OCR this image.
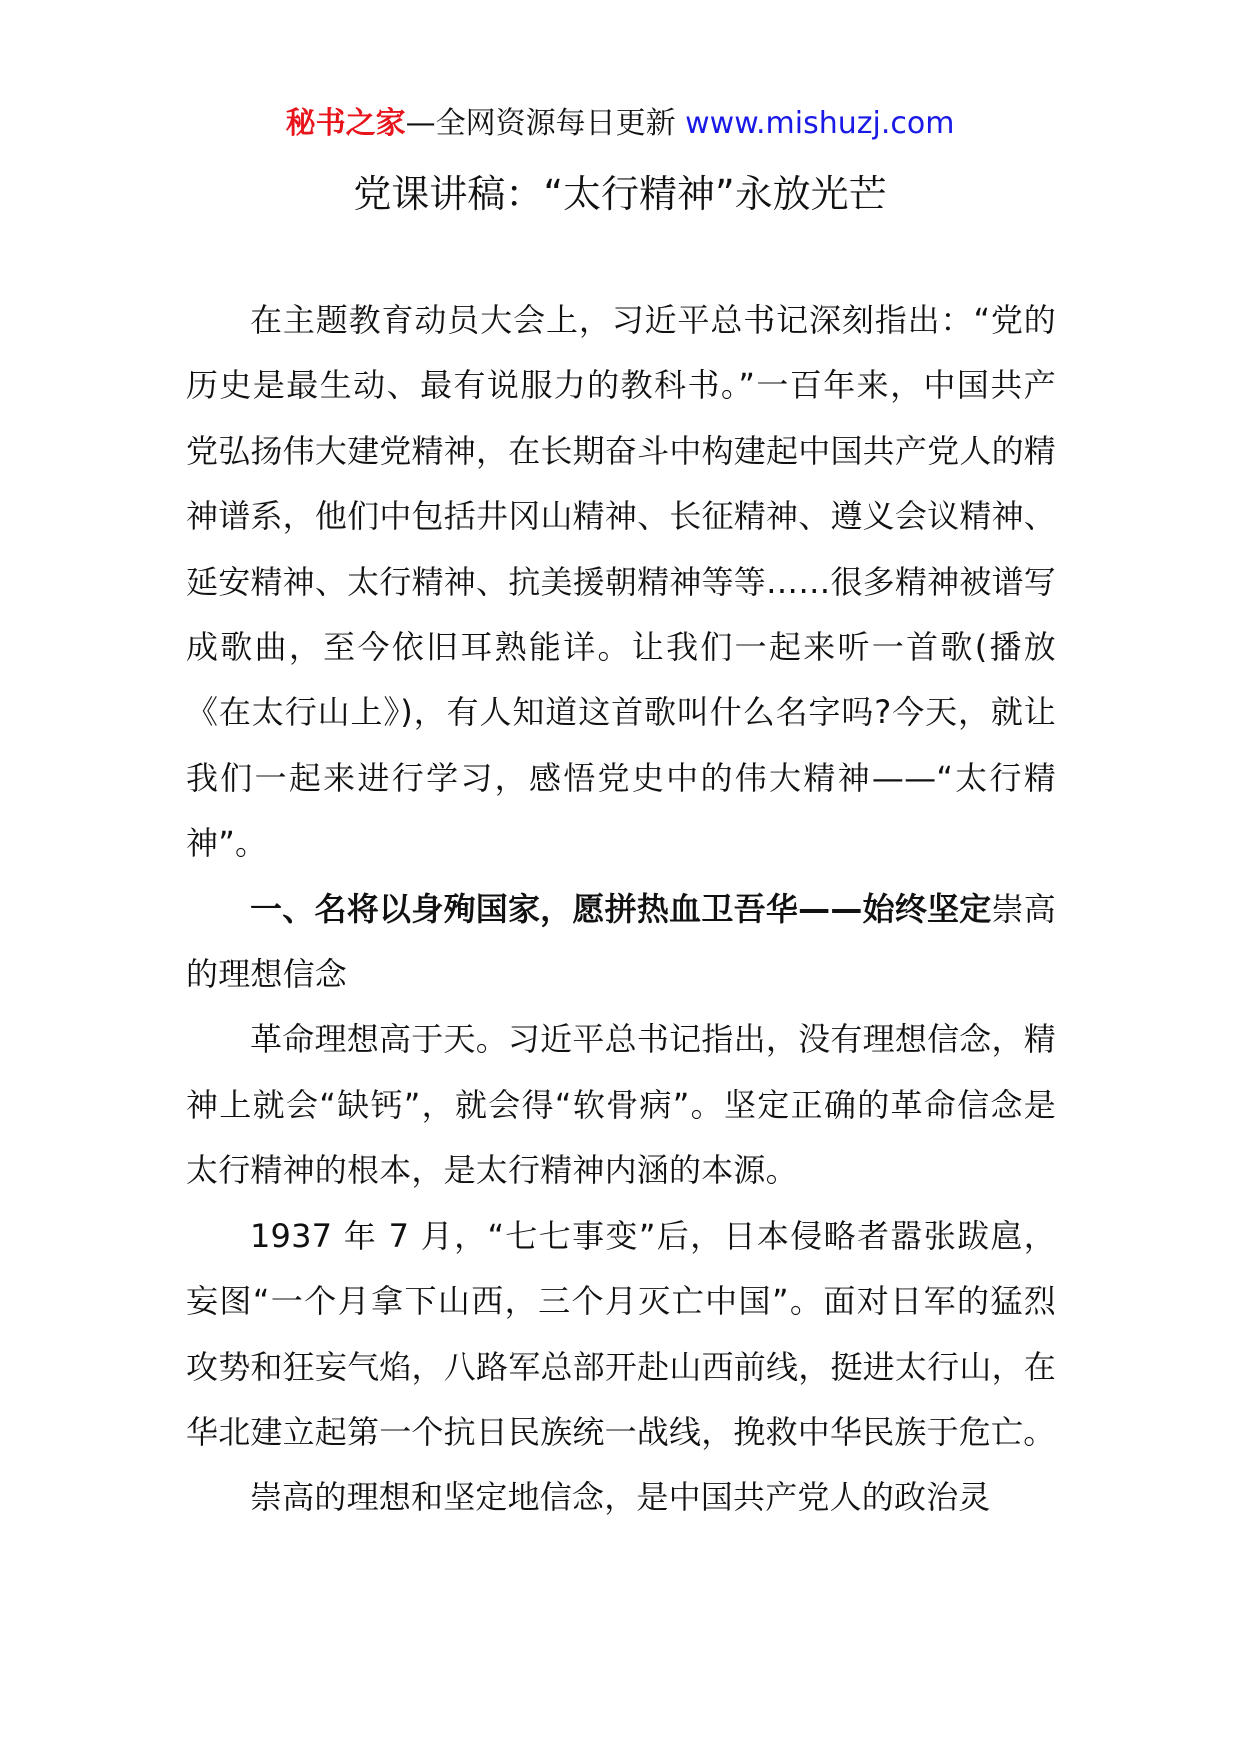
秘书之家—全网资源每日更新 www.mishuzj.com
党课讲稿：“太行精神”永放光芒

在主题教育动员大会上，习近平总书记深刻指出：“党的历史是最生动、最有说服力的教科书。”一百年来，中国共产党弘扬伟大建党精神，在长期奋斗中构建起中国共产党人的精神谱系，他们中包括井冈山精神、长征精神、遵义会议精神、延安精神、太行精神、抗美援朝精神等等……很多精神被谱写成歌曲，至今依旧耳熟能详。让我们一起来听一首歌(播放《在太行山上》)，有人知道这首歌叫什么名字吗?今天，就让我们一起来进行学习，感悟党史中的伟大精神——“太行精神”。

一、名将以身殉国家，愿拼热血卫吾华——始终坚定崇高的理想信念

革命理想高于天。习近平总书记指出，没有理想信念，精神上就会“缺钙”，就会得“软骨病”。坚定正确的革命信念是太行精神的根本，是太行精神内涵的本源。

1937 年 7 月，“七七事变”后，日本侵略者嚣张跋扈，妄图“一个月拿下山西，三个月灭亡中国”。面对日军的猛烈攻势和狂妄气焰，八路军总部开赴山西前线，挺进太行山，在华北建立起第一个抗日民族统一战线，挽救中华民族于危亡。

崇高的理想和坚定地信念，是中国共产党人的政治灵
